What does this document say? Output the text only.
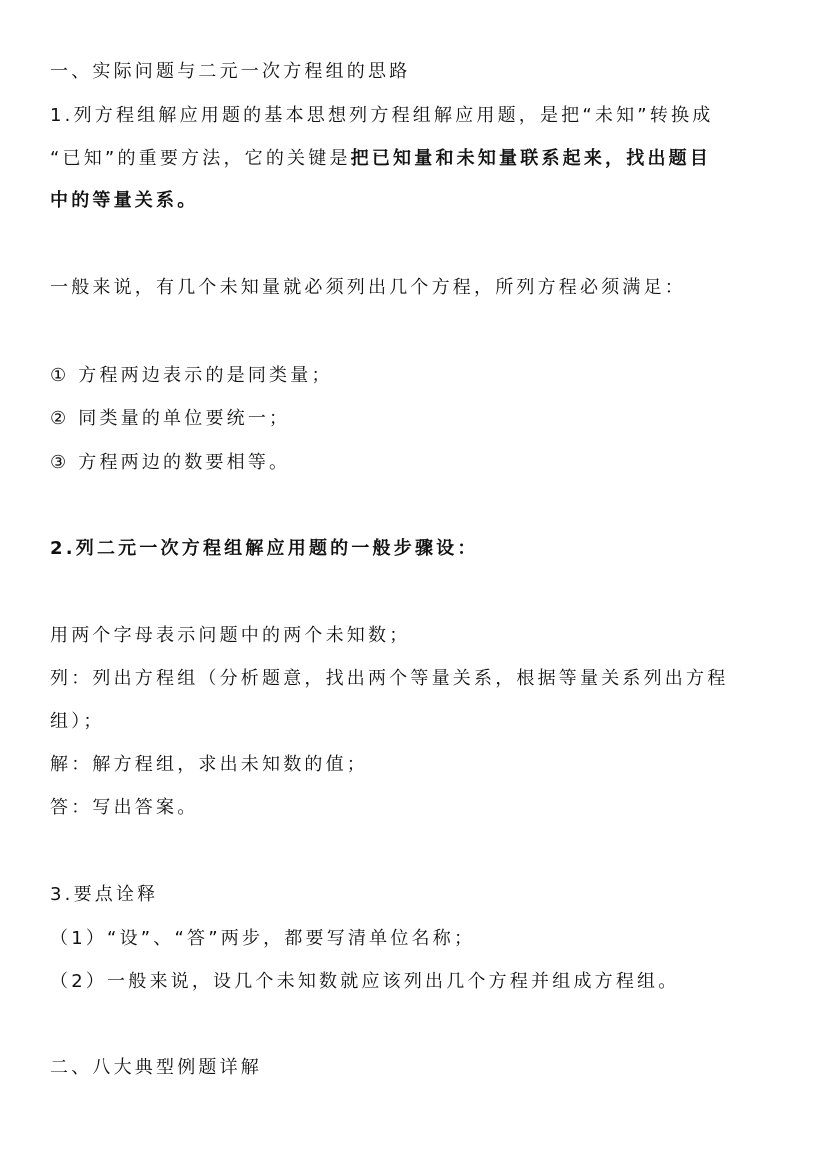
一、实际问题与二元一次方程组的思路
1.列方程组解应用题的基本思想列方程组解应用题，是把“未知”转换成
“已知”的重要方法，它的关键是把已知量和未知量联系起来，找出题目
中的等量关系。
一般来说，有几个未知量就必须列出几个方程，所列方程必须满足：
① 方程两边表示的是同类量；
② 同类量的单位要统一；
③ 方程两边的数要相等。
2.列二元一次方程组解应用题的一般步骤设：
用两个字母表示问题中的两个未知数；
列：列出方程组（分析题意，找出两个等量关系，根据等量关系列出方程
组）；
解：解方程组，求出未知数的值；
答：写出答案。
3.要点诠释
（1）“设”、“答”两步，都要写清单位名称；
（2）一般来说，设几个未知数就应该列出几个方程并组成方程组。
二、八大典型例题详解
